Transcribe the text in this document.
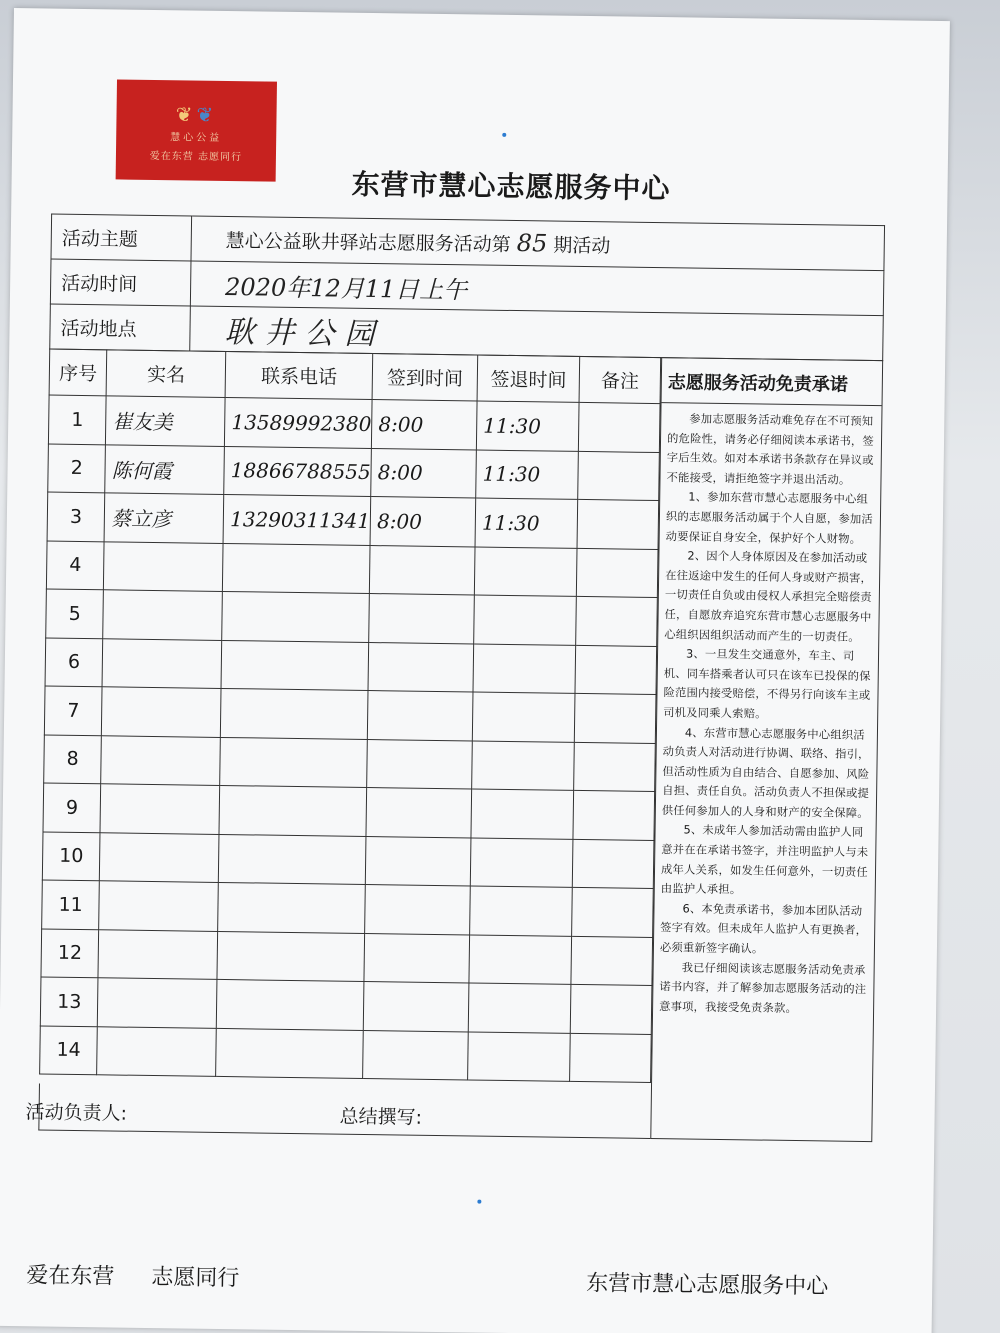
❦❦
慧心公益
爱在东营 志愿同行
东营市慧心志愿服务中心
活动主题	慧心公益耿井驿站志愿服务活动第 85 期活动
活动时间	2020年12月11日上午
活动地点	耿井公园
序号	实名	联系电话	签到时间	签退时间	备注
1	崔友美	13589992380	8:00	11:30	
2	陈何霞	18866788555	8:00	11:30	
3	蔡立彦	13290311341	8:00	11:30	
4					
5					
6					
7					
8					
9					
10					
11					
12					
13					
14					
活动负责人:	总结撰写:
志愿服务活动免责承诺

参加志愿服务活动难免存在不可预知的危险性，请务必仔细阅读本承诺书，签字后生效。如对本承诺书条款存在异议或不能接受，请拒绝签字并退出活动。

1、参加东营市慧心志愿服务中心组织的志愿服务活动属于个人自愿，参加活动要保证自身安全，保护好个人财物。

2、因个人身体原因及在参加活动或在往返途中发生的任何人身或财产损害，一切责任自负或由侵权人承担完全赔偿责任，自愿放弃追究东营市慧心志愿服务中心组织因组织活动而产生的一切责任。

3、一旦发生交通意外，车主、司机、同车搭乘者认可只在该车已投保的保险范围内接受赔偿，不得另行向该车主或司机及同乘人索赔。

4、东营市慧心志愿服务中心组织活动负责人对活动进行协调、联络、指引，但活动性质为自由结合、自愿参加、风险自担、责任自负。活动负责人不担保或提供任何参加人的人身和财产的安全保障。

5、未成年人参加活动需由监护人同意并在在承诺书签字，并注明监护人与未成年人关系，如发生任何意外，一切责任由监护人承担。

6、本免责承诺书，参加本团队活动签字有效。但未成年人监护人有更换者，必须重新签字确认。

我已仔细阅读该志愿服务活动免责承诺书内容，并了解参加志愿服务活动的注意事项，我接受免责条款。

爱在东营 志愿同行	东营市慧心志愿服务中心
